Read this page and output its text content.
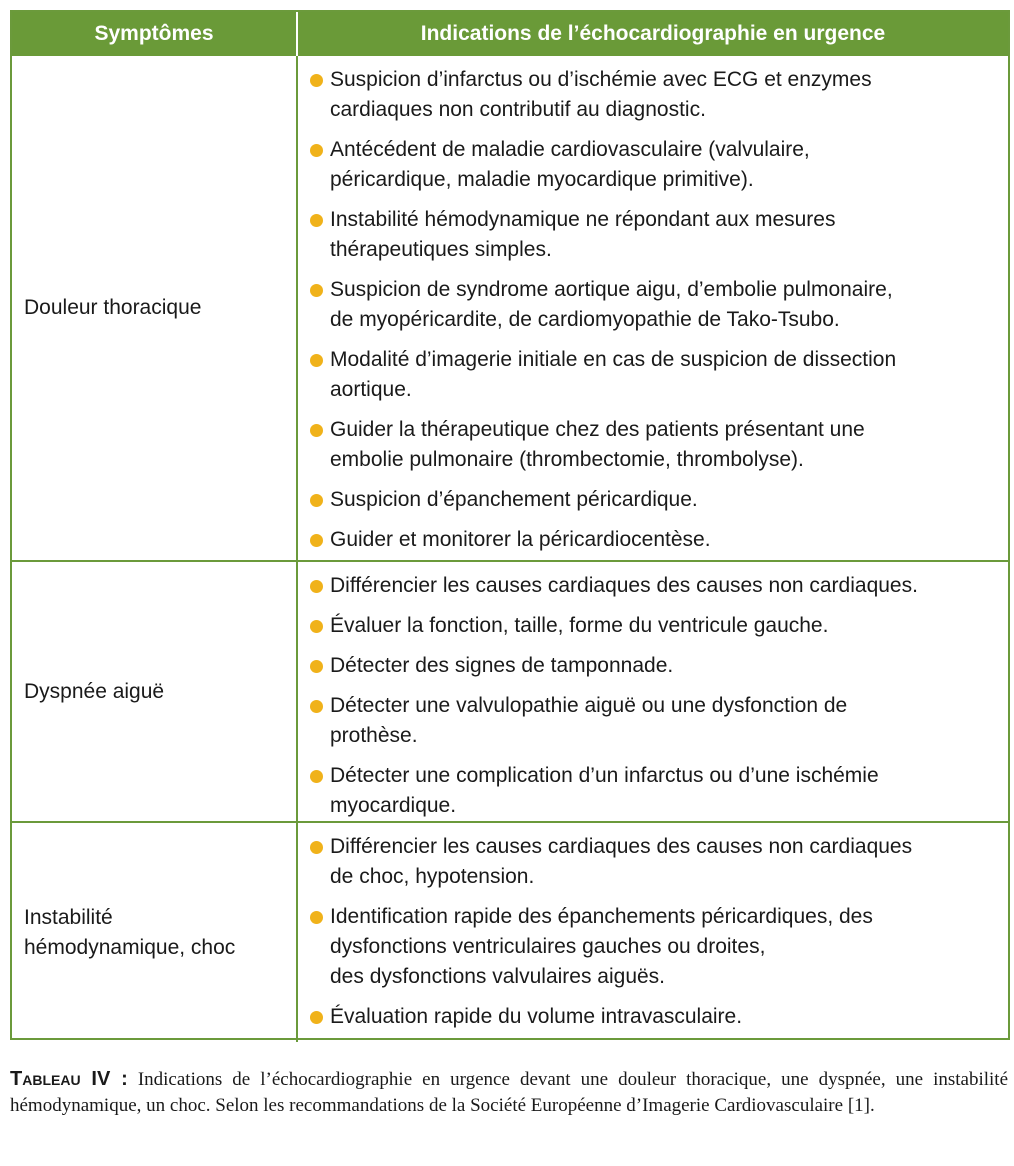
Symptômes	Indications de l’échocardiographie en urgence
Douleur thoracique
Suspicion d’infarctus ou d’ischémie avec ECG et enzymes
cardiaques non contributif au diagnostic.
Antécédent de maladie cardiovasculaire (valvulaire,
péricardique, maladie myocardique primitive).
Instabilité hémodynamique ne répondant aux mesures
thérapeutiques simples.
Suspicion de syndrome aortique aigu, d’embolie pulmonaire,
de myopéricardite, de cardiomyopathie de Tako-Tsubo.
Modalité d’imagerie initiale en cas de suspicion de dissection
aortique.
Guider la thérapeutique chez des patients présentant une
embolie pulmonaire (thrombectomie, thrombolyse).
Suspicion d’épanchement péricardique.
Guider et monitorer la péricardiocentèse.
Dyspnée aiguë
Différencier les causes cardiaques des causes non cardiaques.
Évaluer la fonction, taille, forme du ventricule gauche.
Détecter des signes de tamponnade.
Détecter une valvulopathie aiguë ou une dysfonction de
prothèse.
Détecter une complication d’un infarctus ou d’une ischémie
myocardique.
Instabilité
hémodynamique, choc
Différencier les causes cardiaques des causes non cardiaques
de choc, hypotension.
Identification rapide des épanchements péricardiques, des
dysfonctions ventriculaires gauches ou droites,
des dysfonctions valvulaires aiguës.
Évaluation rapide du volume intravasculaire.
Tableau IV : Indications de l’échocardiographie en urgence devant une douleur thoracique, une dyspnée, une instabilité hémodynamique, un choc. Selon les recommandations de la Société Européenne d’Imagerie Cardiovasculaire [1].
